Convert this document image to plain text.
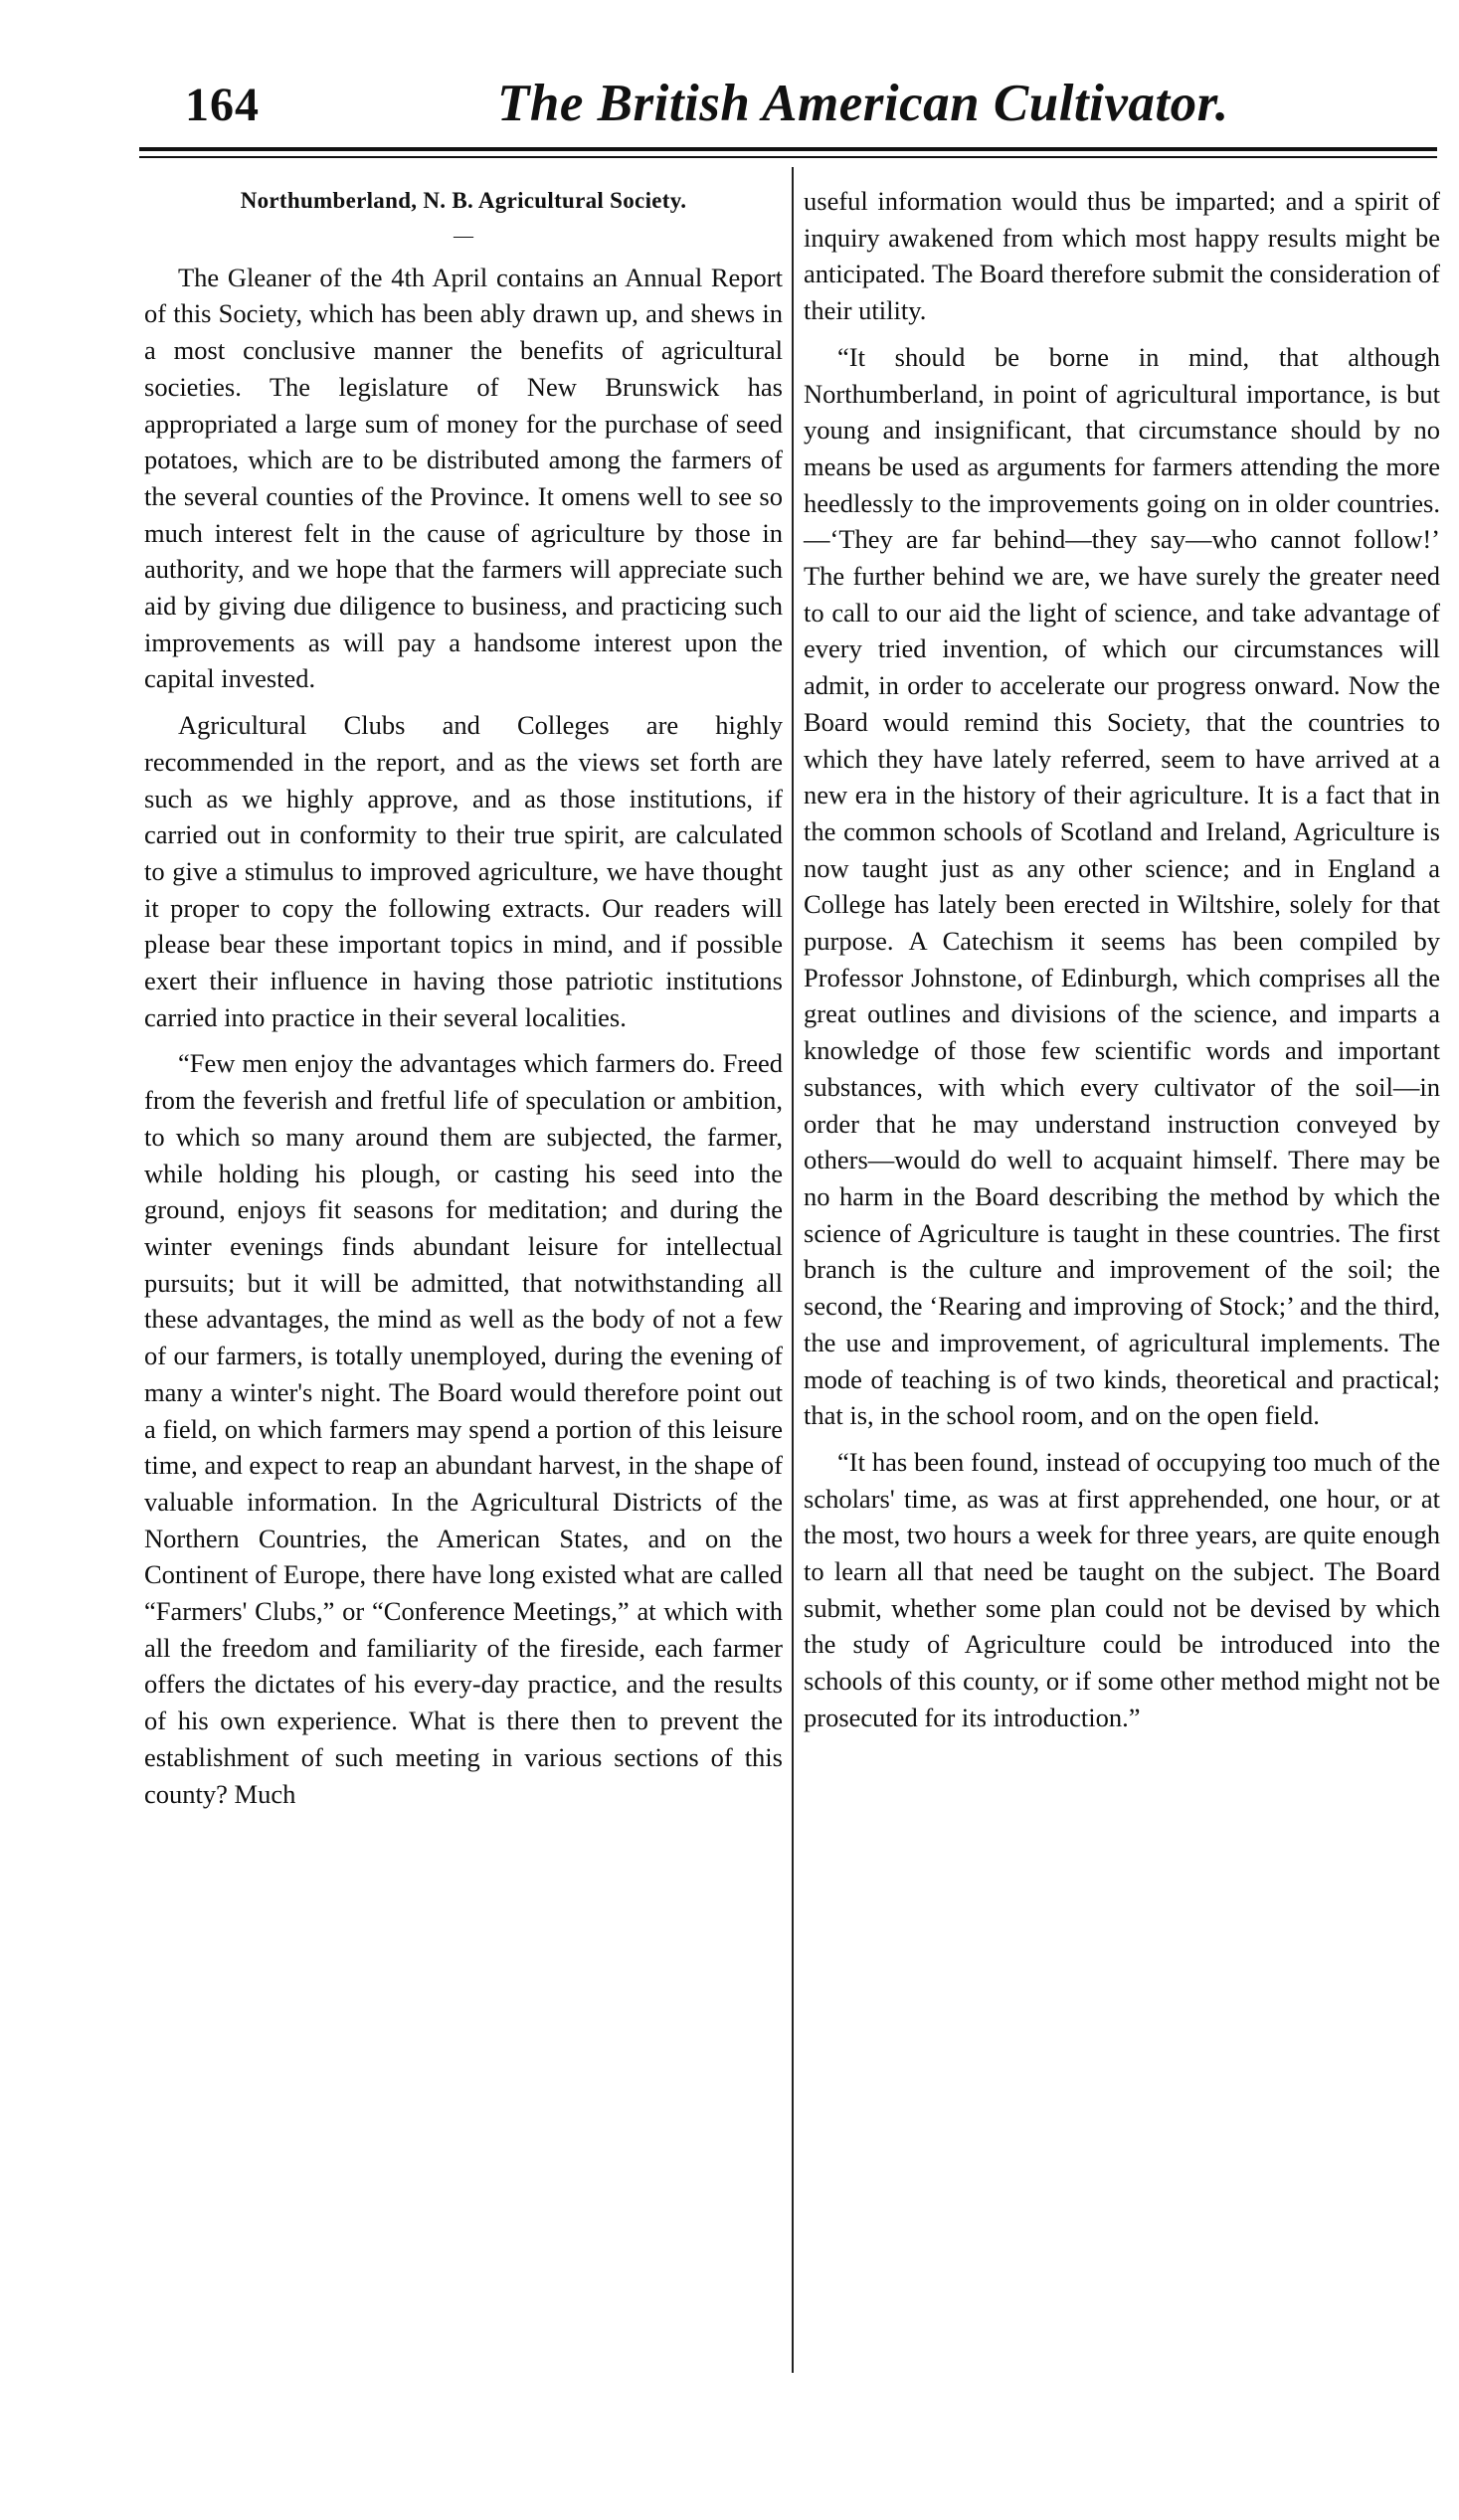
164	The British American Cultivator.
Northumberland, N. B. Agricultural Society.
—

The Gleaner of the 4th April contains an Annual Report of this Society, which has been ably drawn up, and shews in a most conclusive manner the benefits of agricultural societies. The legislature of New Brunswick has appropriated a large sum of money for the purchase of seed potatoes, which are to be distributed among the farmers of the several counties of the Province. It omens well to see so much interest felt in the cause of agriculture by those in authority, and we hope that the farmers will appreciate such aid by giving due diligence to business, and practicing such improvements as will pay a handsome interest upon the capital invested.

Agricultural Clubs and Colleges are highly recommended in the report, and as the views set forth are such as we highly approve, and as those institutions, if carried out in conformity to their true spirit, are calculated to give a stimulus to improved agriculture, we have thought it proper to copy the following extracts. Our readers will please bear these important topics in mind, and if possible exert their influence in having those patriotic institutions carried into practice in their several localities.

“Few men enjoy the advantages which farmers do. Freed from the feverish and fretful life of speculation or ambition, to which so many around them are subjected, the farmer, while holding his plough, or casting his seed into the ground, enjoys fit seasons for meditation; and during the winter evenings finds abundant leisure for intellectual pursuits; but it will be admitted, that notwithstanding all these advantages, the mind as well as the body of not a few of our farmers, is totally unemployed, during the evening of many a winter's night. The Board would therefore point out a field, on which farmers may spend a portion of this leisure time, and expect to reap an abundant harvest, in the shape of valuable information. In the Agricultural Districts of the Northern Countries, the American States, and on the Continent of Europe, there have long existed what are called “Farmers' Clubs,” or “Conference Meetings,” at which with all the freedom and familiarity of the fireside, each farmer offers the dictates of his every-day practice, and the results of his own experience. What is there then to prevent the establishment of such meeting in various sections of this county? Much

useful information would thus be imparted; and a spirit of inquiry awakened from which most happy results might be anticipated. The Board therefore submit the consideration of their utility.

“It should be borne in mind, that although Northumberland, in point of agricultural importance, is but young and insignificant, that circumstance should by no means be used as arguments for farmers attending the more heedlessly to the improvements going on in older countries.—‘They are far behind—they say—who cannot follow!’ The further behind we are, we have surely the greater need to call to our aid the light of science, and take advantage of every tried invention, of which our circumstances will admit, in order to accelerate our progress onward. Now the Board would remind this Society, that the countries to which they have lately referred, seem to have arrived at a new era in the history of their agriculture. It is a fact that in the common schools of Scotland and Ireland, Agriculture is now taught just as any other science; and in England a College has lately been erected in Wiltshire, solely for that purpose. A Catechism it seems has been compiled by Professor Johnstone, of Edinburgh, which comprises all the great outlines and divisions of the science, and imparts a knowledge of those few scientific words and important substances, with which every cultivator of the soil—in order that he may understand instruction conveyed by others—would do well to acquaint himself. There may be no harm in the Board describing the method by which the science of Agriculture is taught in these countries. The first branch is the culture and improvement of the soil; the second, the ‘Rearing and improving of Stock;’ and the third, the use and improvement, of agricultural implements. The mode of teaching is of two kinds, theoretical and practical; that is, in the school room, and on the open field.

“It has been found, instead of occupying too much of the scholars' time, as was at first apprehended, one hour, or at the most, two hours a week for three years, are quite enough to learn all that need be taught on the subject. The Board submit, whether some plan could not be devised by which the study of Agriculture could be introduced into the schools of this county, or if some other method might not be prosecuted for its introduction.”
